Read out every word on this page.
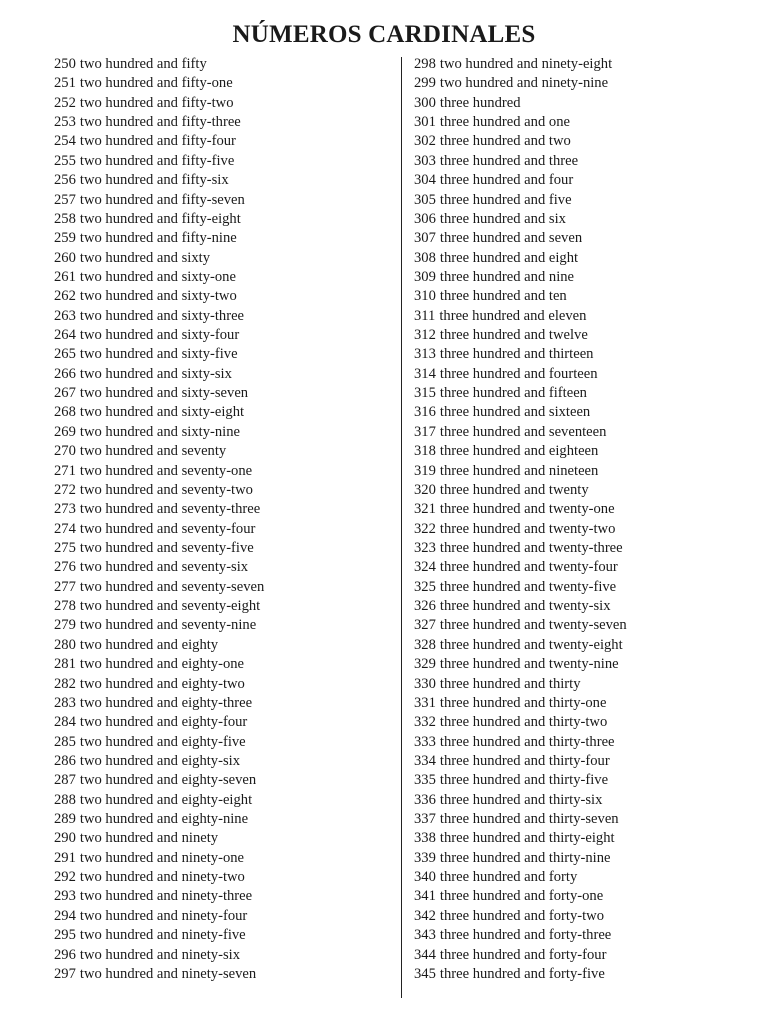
NÚMEROS CARDINALES
250 two hundred and fifty
251 two hundred and fifty-one
252 two hundred and fifty-two
253 two hundred and fifty-three
254 two hundred and fifty-four
255 two hundred and fifty-five
256 two hundred and fifty-six
257 two hundred and fifty-seven
258 two hundred and fifty-eight
259 two hundred and fifty-nine
260 two hundred and sixty
261 two hundred and sixty-one
262 two hundred and sixty-two
263 two hundred and sixty-three
264 two hundred and sixty-four
265 two hundred and sixty-five
266 two hundred and sixty-six
267 two hundred and sixty-seven
268 two hundred and sixty-eight
269 two hundred and sixty-nine
270 two hundred and seventy
271 two hundred and seventy-one
272 two hundred and seventy-two
273 two hundred and seventy-three
274 two hundred and seventy-four
275 two hundred and seventy-five
276 two hundred and seventy-six
277 two hundred and seventy-seven
278 two hundred and seventy-eight
279 two hundred and seventy-nine
280 two hundred and eighty
281 two hundred and eighty-one
282 two hundred and eighty-two
283 two hundred and eighty-three
284 two hundred and eighty-four
285 two hundred and eighty-five
286 two hundred and eighty-six
287 two hundred and eighty-seven
288 two hundred and eighty-eight
289 two hundred and eighty-nine
290 two hundred and ninety
291 two hundred and ninety-one
292 two hundred and ninety-two
293 two hundred and ninety-three
294 two hundred and ninety-four
295 two hundred and ninety-five
296 two hundred and ninety-six
297 two hundred and ninety-seven
298 two hundred and ninety-eight
299 two hundred and ninety-nine
300 three hundred
301 three hundred and one
302 three hundred and two
303 three hundred and three
304 three hundred and four
305 three hundred and five
306 three hundred and six
307 three hundred and seven
308 three hundred and eight
309 three hundred and nine
310 three hundred and ten
311 three hundred and eleven
312 three hundred and twelve
313 three hundred and thirteen
314 three hundred and fourteen
315 three hundred and fifteen
316 three hundred and sixteen
317 three hundred and seventeen
318 three hundred and eighteen
319 three hundred and nineteen
320 three hundred and twenty
321 three hundred and twenty-one
322 three hundred and twenty-two
323 three hundred and twenty-three
324 three hundred and twenty-four
325 three hundred and twenty-five
326 three hundred and twenty-six
327 three hundred and twenty-seven
328 three hundred and twenty-eight
329 three hundred and twenty-nine
330 three hundred and thirty
331 three hundred and thirty-one
332 three hundred and thirty-two
333 three hundred and thirty-three
334 three hundred and thirty-four
335 three hundred and thirty-five
336 three hundred and thirty-six
337 three hundred and thirty-seven
338 three hundred and thirty-eight
339 three hundred and thirty-nine
340 three hundred and forty
341 three hundred and forty-one
342 three hundred and forty-two
343 three hundred and forty-three
344 three hundred and forty-four
345 three hundred and forty-five
